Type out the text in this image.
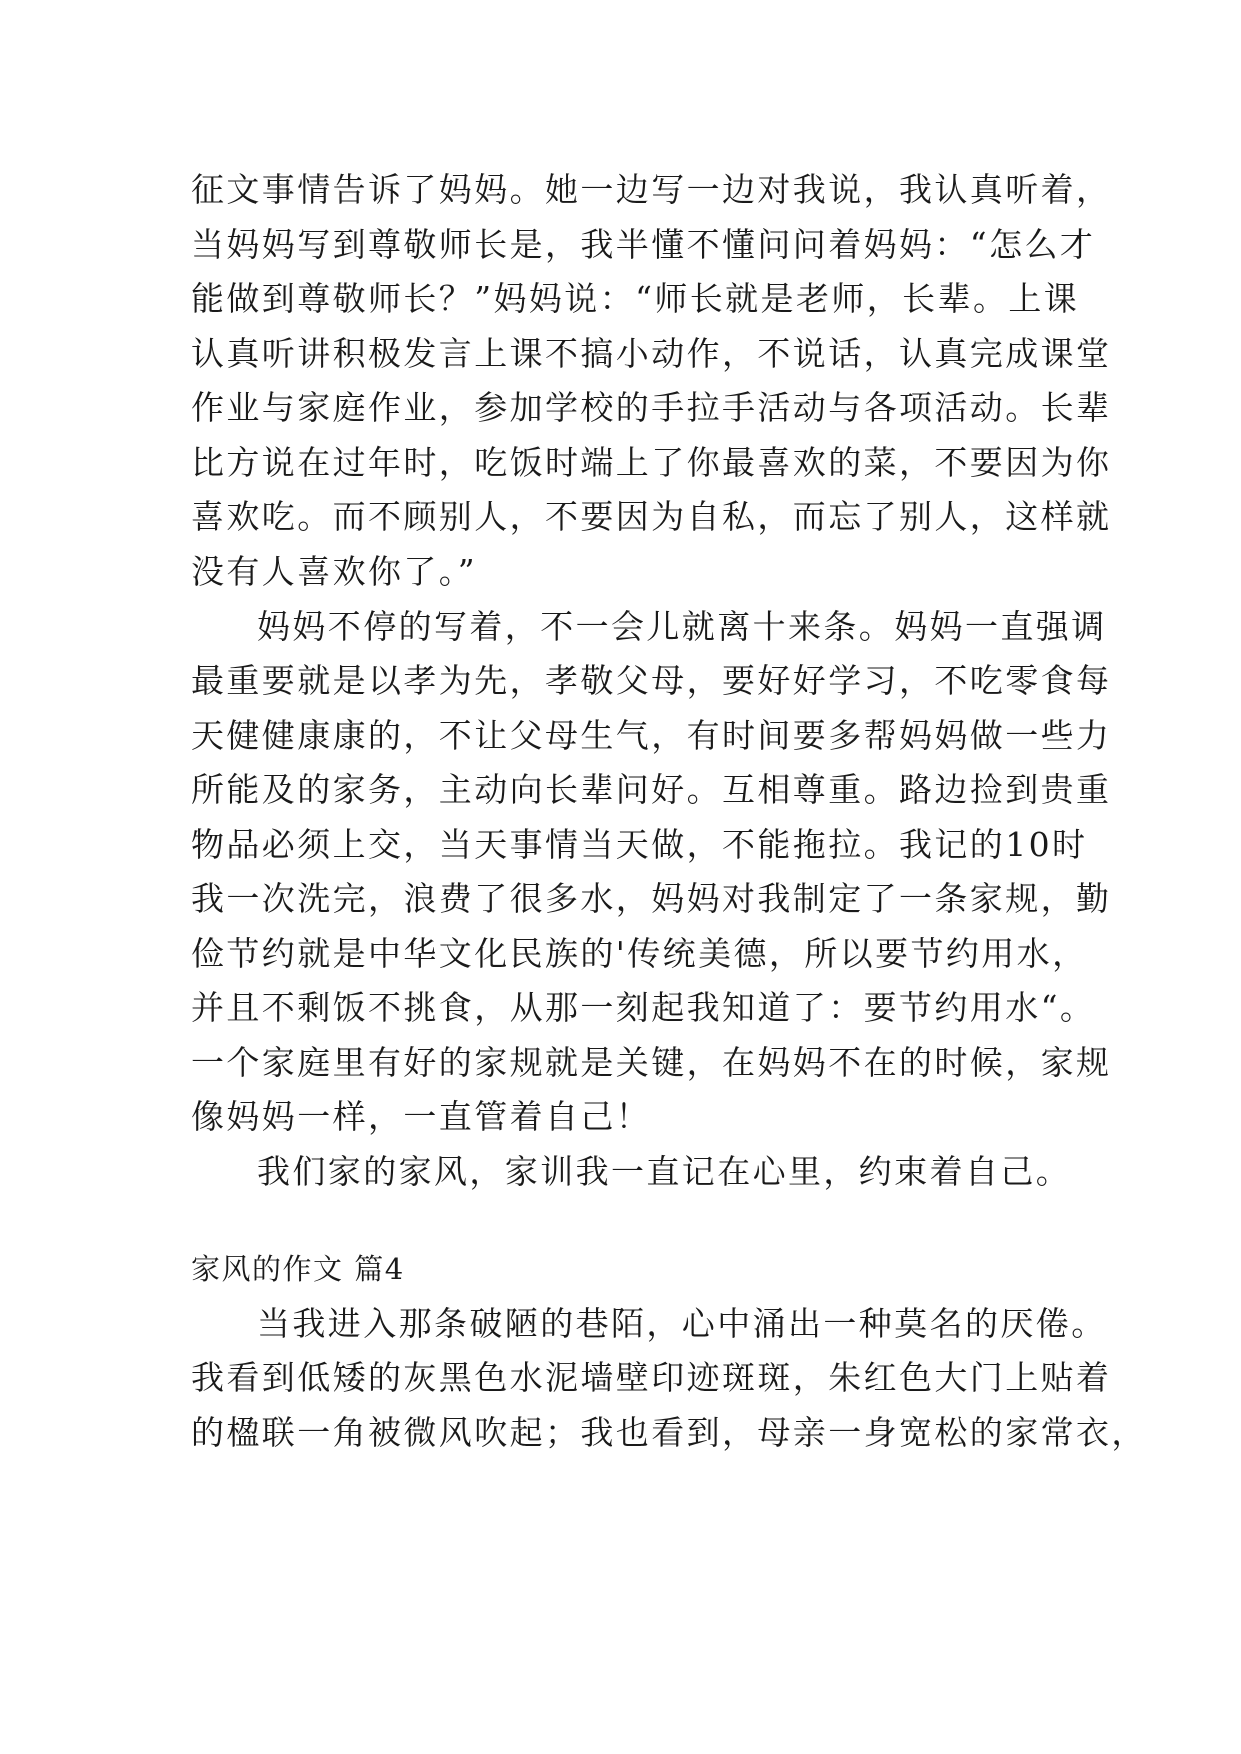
征文事情告诉了妈妈。她一边写一边对我说，我认真听着，
当妈妈写到尊敬师长是，我半懂不懂问问着妈妈：“怎么才
能做到尊敬师长？”妈妈说：“师长就是老师，长辈。上课
认真听讲积极发言上课不搞小动作，不说话，认真完成课堂
作业与家庭作业，参加学校的手拉手活动与各项活动。长辈
比方说在过年时，吃饭时端上了你最喜欢的菜，不要因为你
喜欢吃。而不顾别人，不要因为自私，而忘了别人，这样就
没有人喜欢你了。”
妈妈不停的写着，不一会儿就离十来条。妈妈一直强调
最重要就是以孝为先，孝敬父母，要好好学习，不吃零食每
天健健康康的，不让父母生气，有时间要多帮妈妈做一些力
所能及的家务，主动向长辈问好。互相尊重。路边捡到贵重
物品必须上交，当天事情当天做，不能拖拉。我记的10时
我一次洗完，浪费了很多水，妈妈对我制定了一条家规，勤
俭节约就是中华文化民族的'传统美德，所以要节约用水，
并且不剩饭不挑食，从那一刻起我知道了：要节约用水“。
一个家庭里有好的家规就是关键，在妈妈不在的时候，家规
像妈妈一样，一直管着自己！
我们家的家风，家训我一直记在心里，约束着自己。
家风的作文 篇4
当我进入那条破陋的巷陌，心中涌出一种莫名的厌倦。
我看到低矮的灰黑色水泥墙壁印迹斑斑，朱红色大门上贴着
的楹联一角被微风吹起；我也看到，母亲一身宽松的家常衣，
